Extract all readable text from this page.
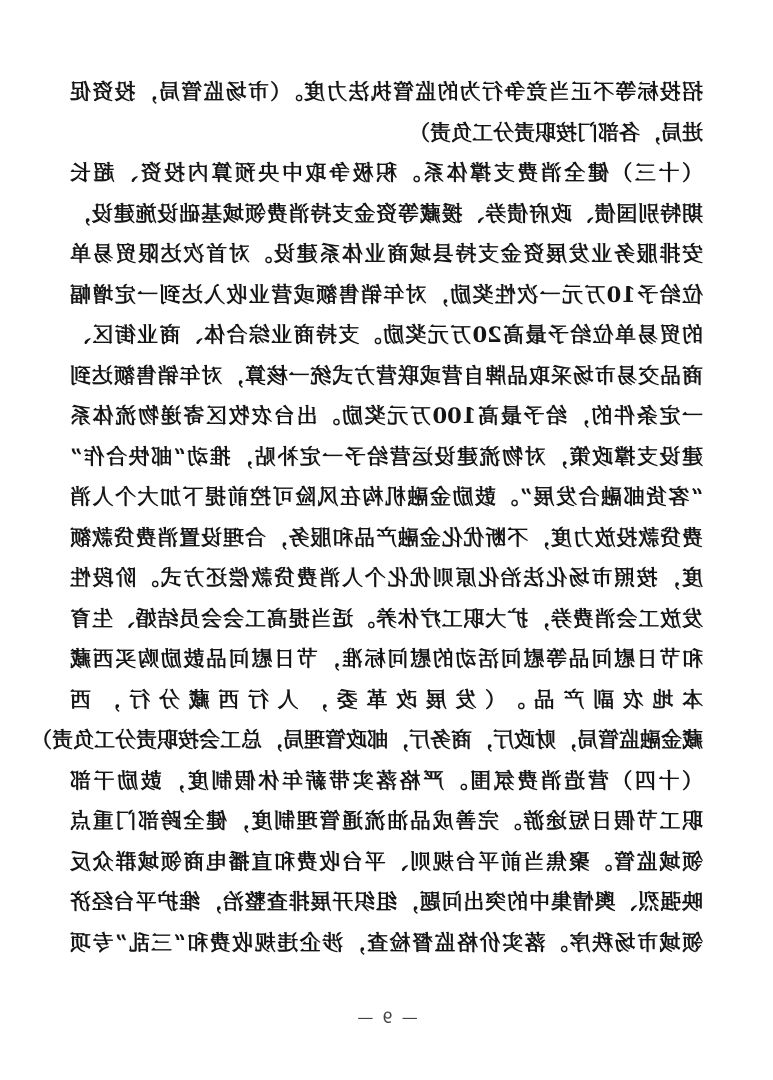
招投标等不正当竞争行为的监管执法力度。（市场监管局，投资促
进局，各部门按职责分工负责）
（十三）健全消费支撑体系。积极争取中央预算内投资、超长
期特别国债、政府债券、援藏等资金支持消费领域基础设施建设，
安排服务业发展资金支持县域商业体系建设。对首次达限贸易单
位给予10万元一次性奖励，对年销售额或营业收入达到一定增幅
的贸易单位给予最高20万元奖励。支持商业综合体、商业街区、
商品交易市场采取品牌自营或联营方式统一核算，对年销售额达到
一定条件的，给予最高100万元奖励。出台农牧区寄递物流体系
建设支撑政策，对物流建设运营给予一定补贴，推动“邮快合作”
“客货邮融合发展”。鼓励金融机构在风险可控前提下加大个人消
费贷款投放力度，不断优化金融产品和服务，合理设置消费贷款额
度，按照市场化法治化原则优化个人消费贷款偿还方式。阶段性
发放工会消费券，扩大职工疗休养。适当提高工会会员结婚、生育
和节日慰问品等慰问活动的慰问标准，节日慰问品鼓励购买西藏
本地农副产品。（发展改革委，人行西藏分行，西
藏金融监管局，财政厅，商务厅，邮政管理局，总工会按职责分工负责）
（十四）营造消费氛围。严格落实带薪年休假制度，鼓励干部
职工节假日短途游。完善成品油流通管理制度，健全跨部门重点
领域监管。聚焦当前平台规则、平台收费和直播电商领域群众反
映强烈、舆情集中的突出问题，组织开展排查整治，维护平台经济
领域市场秩序。落实价格监督检查，涉企违规收费和“三乱”专项
— 9 —
